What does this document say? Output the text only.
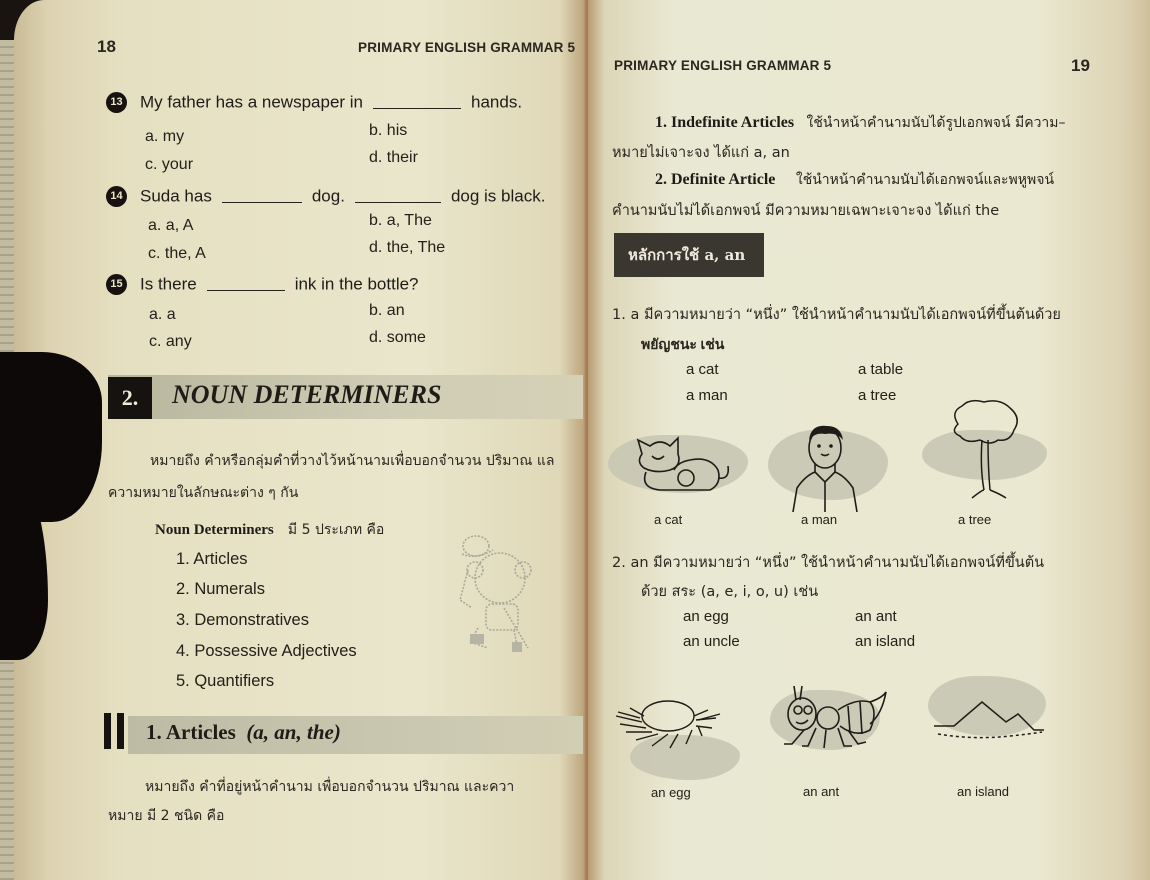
18	PRIMARY ENGLISH GRAMMAR 5
13 My father has a newspaper in	hands.
a. my	b. his
c. your	d. their
14 Suda has	dog.	dog is black.
a. a, A	b. a, The
c. the, A	d. the, The
15 Is there	ink in the bottle?
a. a	b. an
c. any	d. some
2.	NOUN DETERMINERS
หมายถึง คำหรือกลุ่มคำที่วางไว้หน้านามเพื่อบอกจำนวน ปริมาณ แล
ความหมายในลักษณะต่าง ๆ กัน
Noun Determiners มี 5 ประเภท คือ
1. Articles
2. Numerals
3. Demonstratives
4. Possessive Adjectives
5. Quantifiers
1. Articles (a, an, the)
หมายถึง คำที่อยู่หน้าคำนาม เพื่อบอกจำนวน ปริมาณ และควา
หมาย มี 2 ชนิด คือ
PRIMARY ENGLISH GRAMMAR 5	19
1. Indefinite Articles ใช้นำหน้าคำนามนับได้รูปเอกพจน์ มีความ–
หมายไม่เจาะจง ได้แก่ a, an
2. Definite Article ใช้นำหน้าคำนามนับได้เอกพจน์และพหูพจน์
คำนามนับไม่ได้เอกพจน์ มีความหมายเฉพาะเจาะจง ได้แก่ the
หลักการใช้ a, an
1. a มีความหมายว่า “หนึ่ง” ใช้นำหน้าคำนามนับได้เอกพจน์ที่ขึ้นต้นด้วย
พยัญชนะ เช่น
a cat	a table
a man	a tree
a cat	a man	a tree
2. an มีความหมายว่า “หนึ่ง” ใช้นำหน้าคำนามนับได้เอกพจน์ที่ขึ้นต้น
ด้วย สระ (a, e, i, o, u) เช่น
an egg	an ant
an uncle	an island
an egg	an ant	an island
